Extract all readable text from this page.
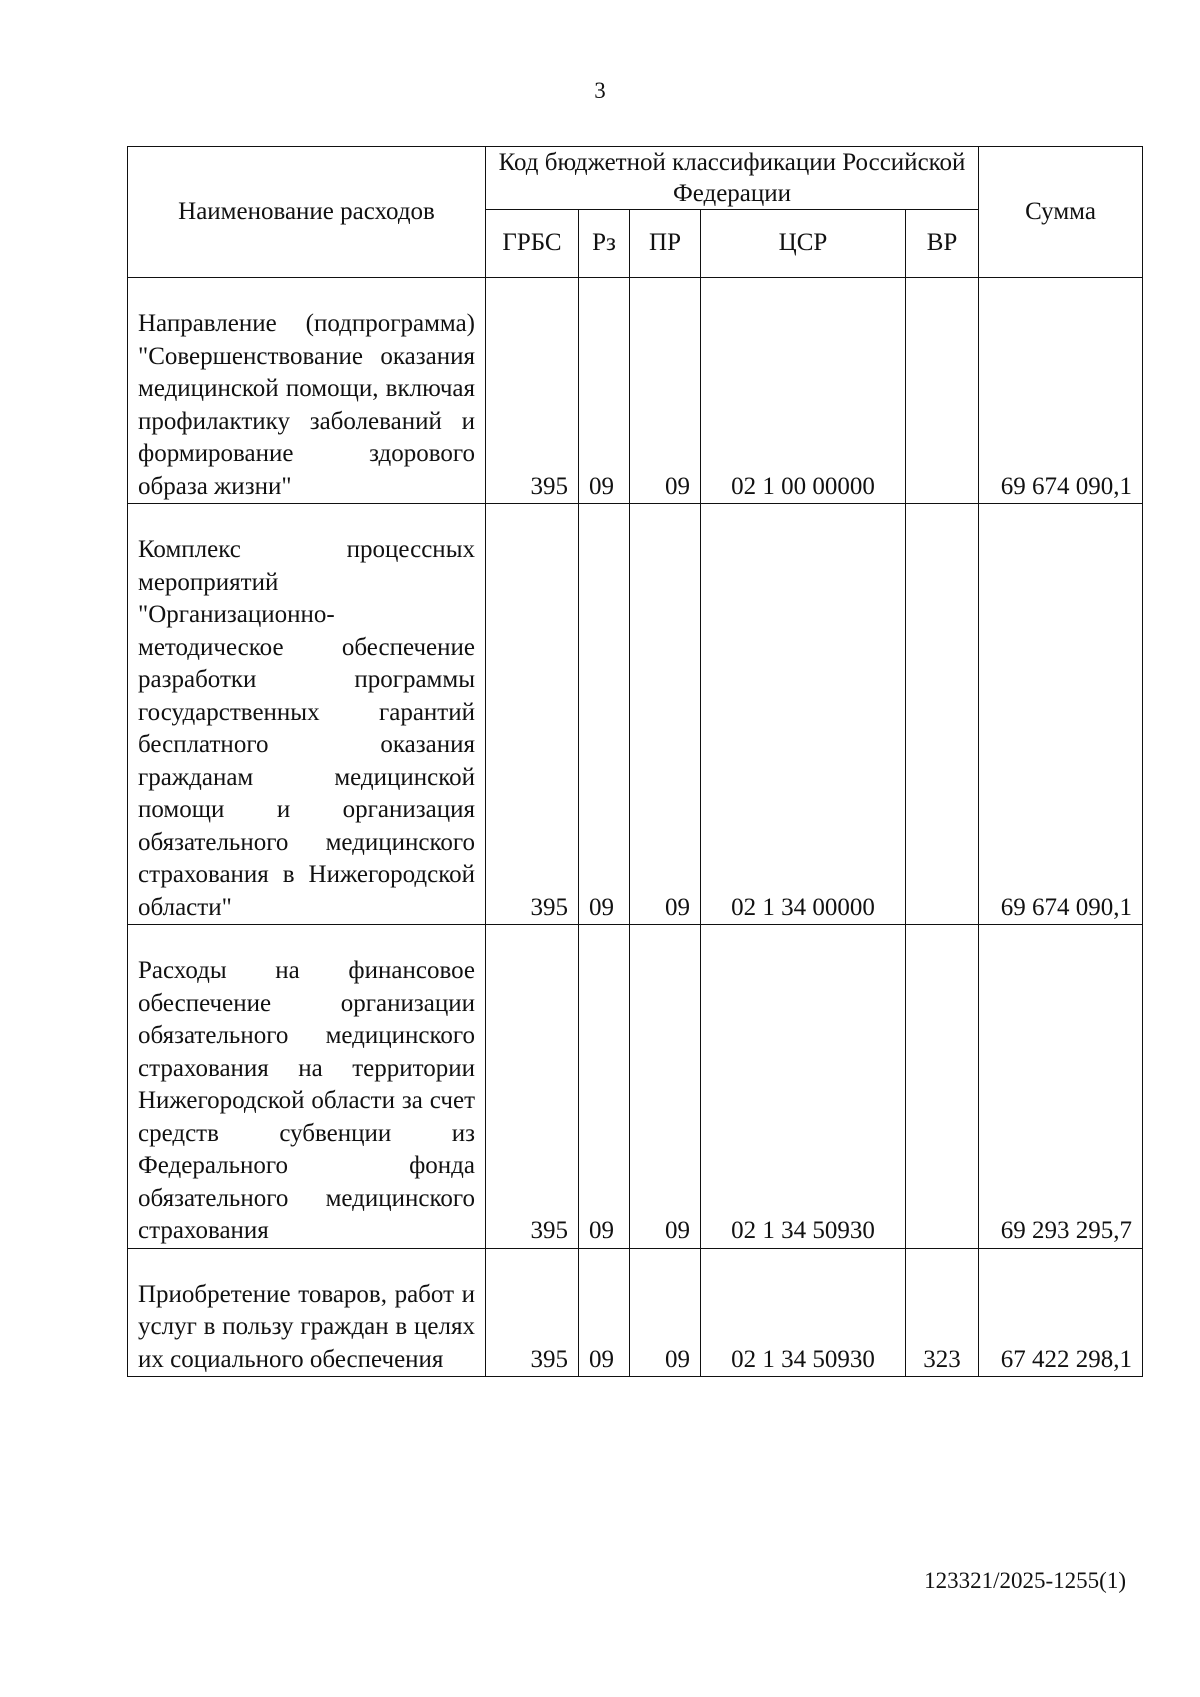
3
Наименование расходов	Код бюджетной классификации Российской Федерации					Сумма
	ГРБС	Рз	ПР	ЦСР	ВР	

Направление (подпрограмма) "Совершенствование оказания медицинской помощи, включая профилактику заболеваний и формирование здорового образа жизни"	395	09	09	02 1 00 00000		69 674 090,1

Комплекс процессных мероприятий "Организационно-методическое обеспечение разработки программы государственных гарантий бесплатного оказания гражданам медицинской помощи и организация обязательного медицинского страхования в Нижегородской области"	395	09	09	02 1 34 00000		69 674 090,1

Расходы на финансовое обеспечение организации обязательного медицинского страхования на территории Нижегородской области за счет средств субвенции из Федерального фонда обязательного медицинского страхования	395	09	09	02 1 34 50930		69 293 295,7

Приобретение товаров, работ и услуг в пользу граждан в целях их социального обеспечения	395	09	09	02 1 34 50930	323	67 422 298,1
123321/2025-1255(1)
